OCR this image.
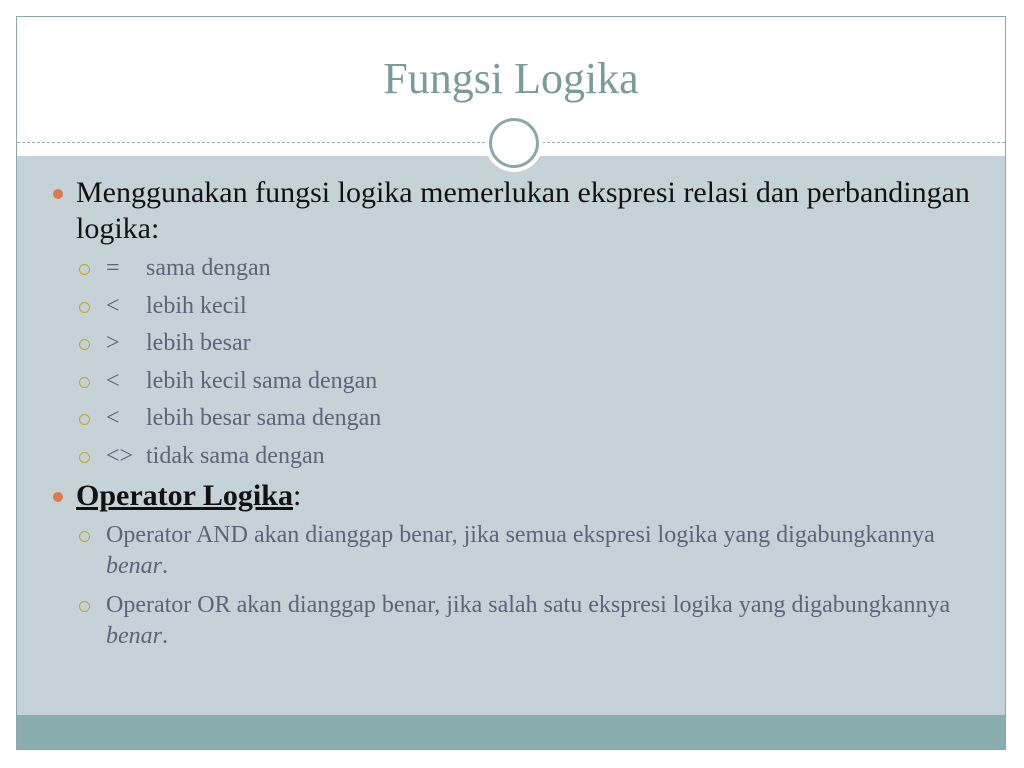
Fungsi Logika
Menggunakan fungsi logika memerlukan ekspresi relasi dan perbandingan logika:
= sama dengan
< lebih kecil
> lebih besar
< lebih kecil sama dengan
< lebih besar sama dengan
<> tidak sama dengan
Operator Logika:
Operator AND akan dianggap benar, jika semua ekspresi logika yang digabungkannya benar.
Operator OR akan dianggap benar, jika salah satu ekspresi logika yang digabungkannya benar.
